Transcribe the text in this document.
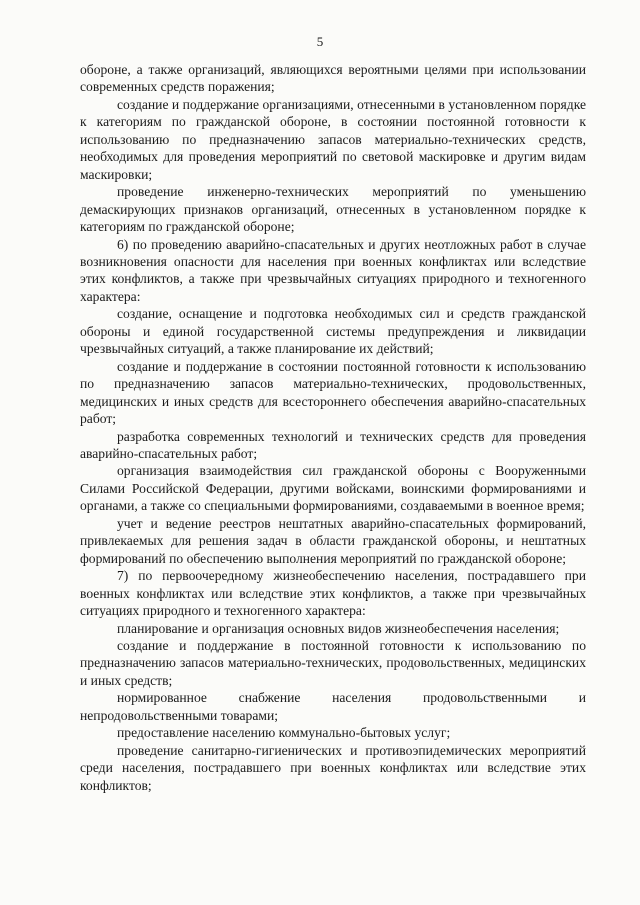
5

обороне, а также организаций, являющихся вероятными целями при использовании современных средств поражения;

создание и поддержание организациями, отнесенными в установленном порядке к категориям по гражданской обороне, в состоянии постоянной готовности к использованию по предназначению запасов материально-технических средств, необходимых для проведения мероприятий по световой маскировке и другим видам маскировки;

проведение инженерно-технических мероприятий по уменьшению демаскирующих признаков организаций, отнесенных в установленном порядке к категориям по гражданской обороне;

6) по проведению аварийно-спасательных и других неотложных работ в случае возникновения опасности для населения при военных конфликтах или вследствие этих конфликтов, а также при чрезвычайных ситуациях природного и техногенного характера:

создание, оснащение и подготовка необходимых сил и средств гражданской обороны и единой государственной системы предупреждения и ликвидации чрезвычайных ситуаций, а также планирование их действий;

создание и поддержание в состоянии постоянной готовности к использованию по предназначению запасов материально-технических, продовольственных, медицинских и иных средств для всестороннего обеспечения аварийно-спасательных работ;

разработка современных технологий и технических средств для проведения аварийно-спасательных работ;

организация взаимодействия сил гражданской обороны с Вооруженными Силами Российской Федерации, другими войсками, воинскими формированиями и органами, а также со специальными формированиями, создаваемыми в военное время;

учет и ведение реестров нештатных аварийно-спасательных формирований, привлекаемых для решения задач в области гражданской обороны, и нештатных формирований по обеспечению выполнения мероприятий по гражданской обороне;

7) по первоочередному жизнеобеспечению населения, пострадавшего при военных конфликтах или вследствие этих конфликтов, а также при чрезвычайных ситуациях природного и техногенного характера:

планирование и организация основных видов жизнеобеспечения населения;

создание и поддержание в постоянной готовности к использованию по предназначению запасов материально-технических, продовольственных, медицинских и иных средств;

нормированное снабжение населения продовольственными и непродовольственными товарами;

предоставление населению коммунально-бытовых услуг;

проведение санитарно-гигиенических и противоэпидемических мероприятий среди населения, пострадавшего при военных конфликтах или вследствие этих конфликтов;
